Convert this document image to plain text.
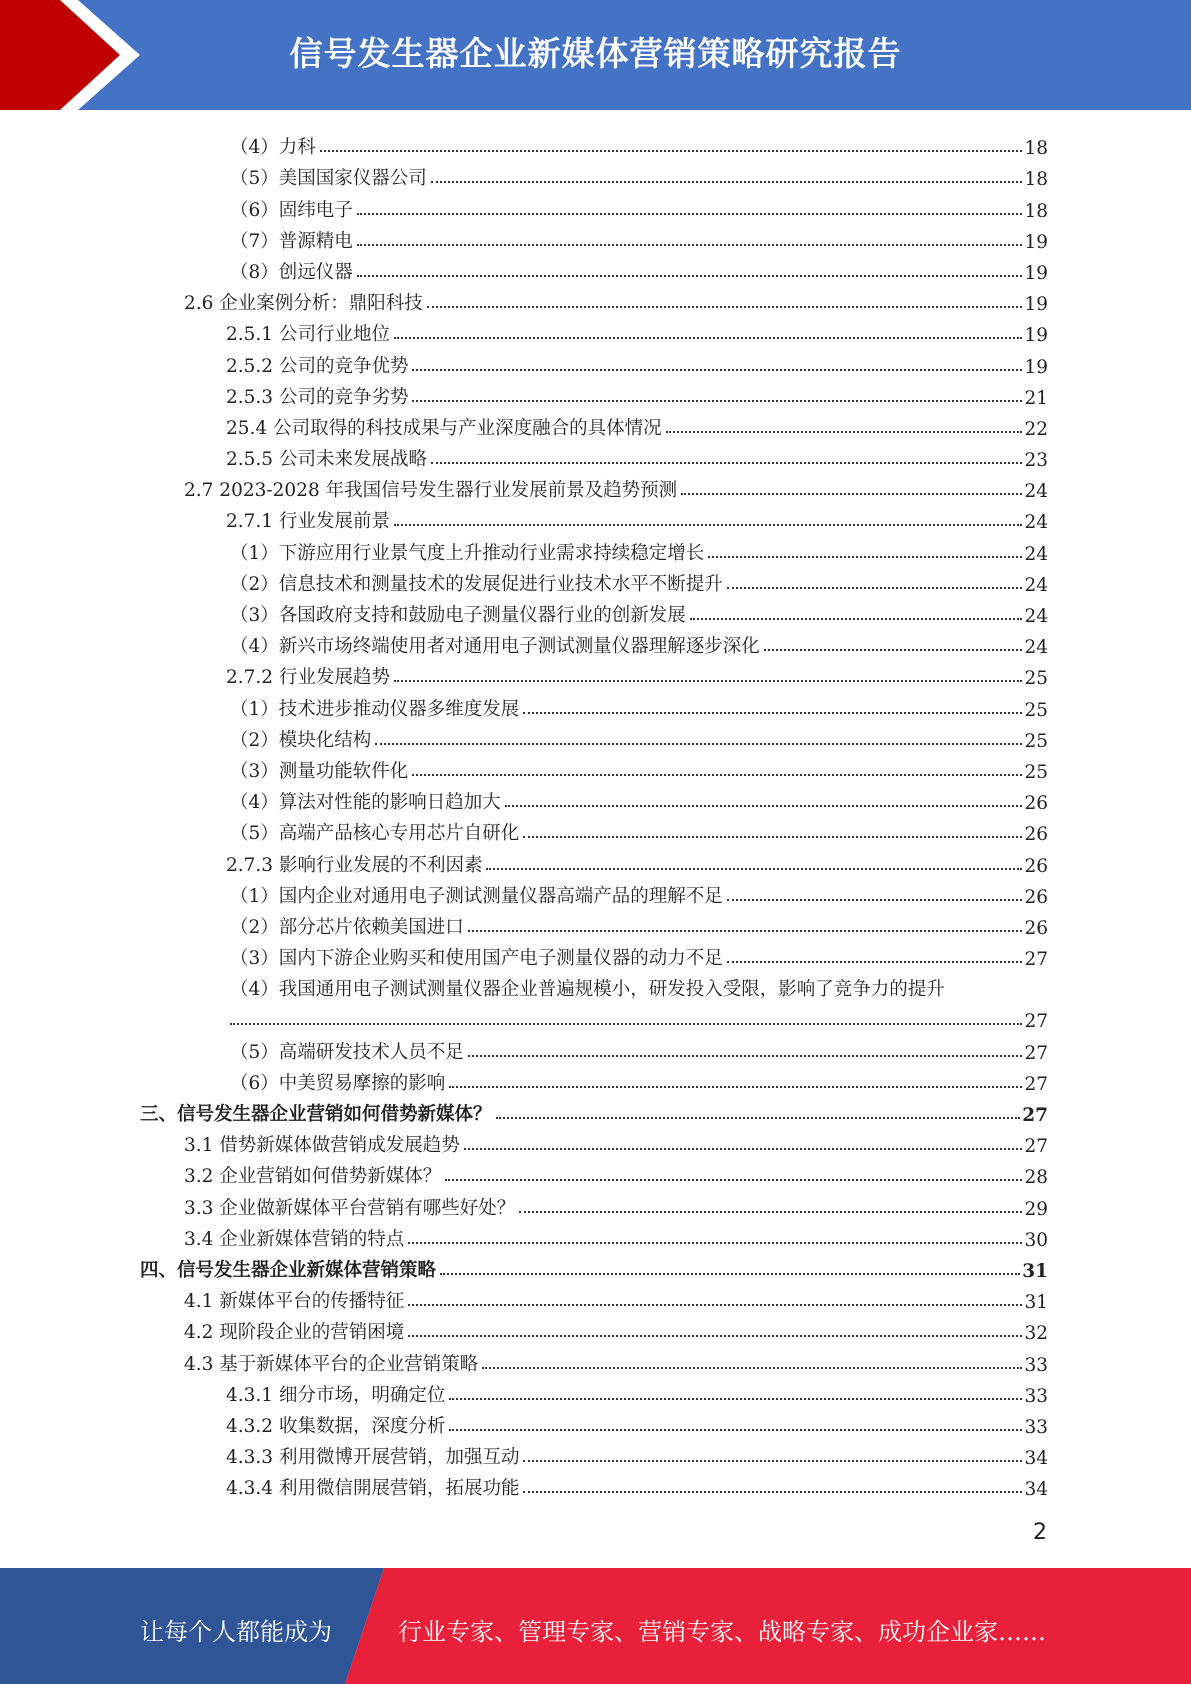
信号发生器企业新媒体营销策略研究报告
（4）力科	18
（5）美国国家仪器公司	18
（6）固纬电子	18
（7）普源精电	19
（8）创远仪器	19
2.6 企业案例分析：鼎阳科技	19
2.5.1 公司行业地位	19
2.5.2 公司的竞争优势	19
2.5.3 公司的竞争劣势	21
25.4 公司取得的科技成果与产业深度融合的具体情况	22
2.5.5 公司未来发展战略	23
2.7 2023-2028 年我国信号发生器行业发展前景及趋势预测	24
2.7.1 行业发展前景	24
（1）下游应用行业景气度上升推动行业需求持续稳定增长	24
（2）信息技术和测量技术的发展促进行业技术水平不断提升	24
（3）各国政府支持和鼓励电子测量仪器行业的创新发展	24
（4）新兴市场终端使用者对通用电子测试测量仪器理解逐步深化	24
2.7.2 行业发展趋势	25
（1）技术进步推动仪器多维度发展	25
（2）模块化结构	25
（3）测量功能软件化	25
（4）算法对性能的影响日趋加大	26
（5）高端产品核心专用芯片自研化	26
2.7.3 影响行业发展的不利因素	26
（1）国内企业对通用电子测试测量仪器高端产品的理解不足	26
（2）部分芯片依赖美国进口	26
（3）国内下游企业购买和使用国产电子测量仪器的动力不足	27
（4）我国通用电子测试测量仪器企业普遍规模小，研发投入受限，影响了竞争力的提升
27
（5）高端研发技术人员不足	27
（6）中美贸易摩擦的影响	27
三、信号发生器企业营销如何借势新媒体？	27
3.1 借势新媒体做营销成发展趋势	27
3.2 企业营销如何借势新媒体？	28
3.3 企业做新媒体平台营销有哪些好处？	29
3.4 企业新媒体营销的特点	30
四、信号发生器企业新媒体营销策略	31
4.1 新媒体平台的传播特征	31
4.2 现阶段企业的营销困境	32
4.3 基于新媒体平台的企业营销策略	33
4.3.1 细分市场，明确定位	33
4.3.2 收集数据，深度分析	33
4.3.3 利用微博开展营销，加强互动	34
4.3.4 利用微信開展营销，拓展功能	34
2
让每个人都能成为	行业专家、管理专家、营销专家、战略专家、成功企业家……
